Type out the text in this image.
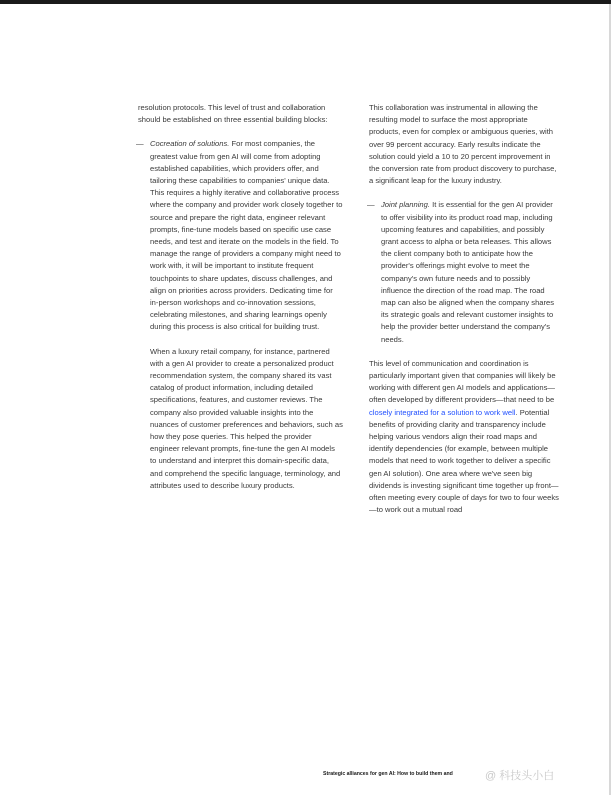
resolution protocols. This level of trust and collaboration should be established on three essential building blocks:

— Cocreation of solutions. For most companies, the greatest value from gen AI will come from adopting established capabilities, which providers offer, and tailoring these capabilities to companies' unique data. This requires a highly iterative and collaborative process where the company and provider work closely together to source and prepare the right data, engineer relevant prompts, fine-tune models based on specific use case needs, and test and iterate on the models in the field. To manage the range of providers a company might need to work with, it will be important to institute frequent touchpoints to share updates, discuss challenges, and align on priorities across providers. Dedicating time for in-person workshops and co-innovation sessions, celebrating milestones, and sharing learnings openly during this process is also critical for building trust.

When a luxury retail company, for instance, partnered with a gen AI provider to create a personalized product recommendation system, the company shared its vast catalog of product information, including detailed specifications, features, and customer reviews. The company also provided valuable insights into the nuances of customer preferences and behaviors, such as how they pose queries. This helped the provider engineer relevant prompts, fine-tune the gen AI models to understand and interpret this domain-specific data, and comprehend the specific language, terminology, and attributes used to describe luxury products.

This collaboration was instrumental in allowing the resulting model to surface the most appropriate products, even for complex or ambiguous queries, with over 99 percent accuracy. Early results indicate the solution could yield a 10 to 20 percent improvement in the conversion rate from product discovery to purchase, a significant leap for the luxury industry.

— Joint planning. It is essential for the gen AI provider to offer visibility into its product road map, including upcoming features and capabilities, and possibly grant access to alpha or beta releases. This allows the client company both to anticipate how the provider's offerings might evolve to meet the company's own future needs and to possibly influence the direction of the road map. The road map can also be aligned when the company shares its strategic goals and relevant customer insights to help the provider better understand the company's needs.

This level of communication and coordination is particularly important given that companies will likely be working with different gen AI models and applications—often developed by different providers—that need to be closely integrated for a solution to work well. Potential benefits of providing clarity and transparency include helping various vendors align their road maps and identify dependencies (for example, between multiple models that need to work together to deliver a specific gen AI solution). One area where we've seen big dividends is investing significant time together up front—often meeting every couple of days for two to four weeks—to work out a mutual road

Strategic alliances for gen AI: How to build them and	@ 科技头小白
